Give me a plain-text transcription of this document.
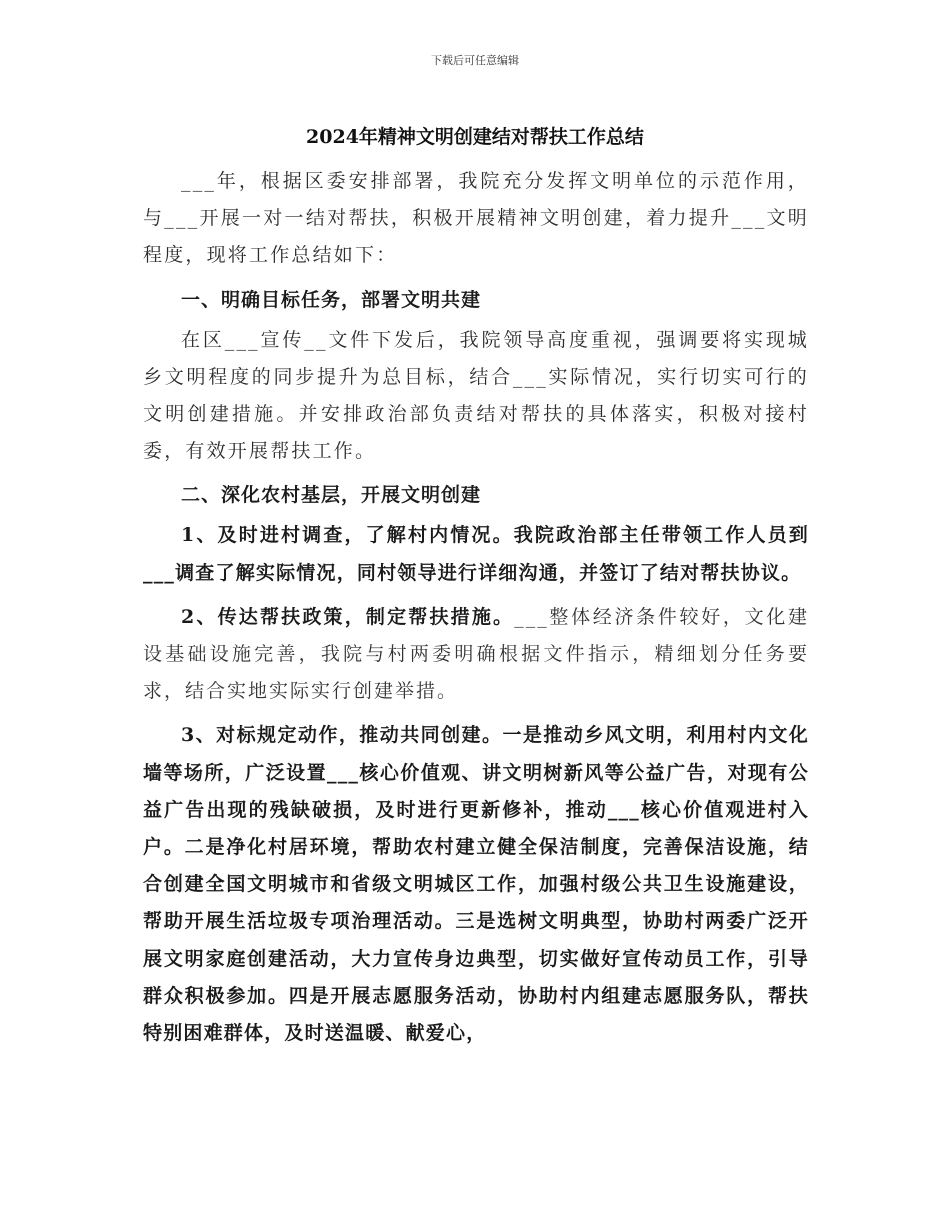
下载后可任意编辑
2024年精神文明创建结对帮扶工作总结

___年，根据区委安排部署，我院充分发挥文明单位的示范作用，与___开展一对一结对帮扶，积极开展精神文明创建，着力提升___文明程度，现将工作总结如下：

一、明确目标任务，部署文明共建

在区___宣传__文件下发后，我院领导高度重视，强调要将实现城乡文明程度的同步提升为总目标，结合___实际情况，实行切实可行的文明创建措施。并安排政治部负责结对帮扶的具体落实，积极对接村委，有效开展帮扶工作。

二、深化农村基层，开展文明创建

1、及时进村调查，了解村内情况。我院政治部主任带领工作人员到___调查了解实际情况，同村领导进行详细沟通，并签订了结对帮扶协议。

2、传达帮扶政策，制定帮扶措施。___整体经济条件较好，文化建设基础设施完善，我院与村两委明确根据文件指示，精细划分任务要求，结合实地实际实行创建举措。

3、对标规定动作，推动共同创建。一是推动乡风文明，利用村内文化墙等场所，广泛设置___核心价值观、讲文明树新风等公益广告，对现有公益广告出现的残缺破损，及时进行更新修补，推动___核心价值观进村入户。二是净化村居环境，帮助农村建立健全保洁制度，完善保洁设施，结合创建全国文明城市和省级文明城区工作，加强村级公共卫生设施建设，帮助开展生活垃圾专项治理活动。三是选树文明典型，协助村两委广泛开展文明家庭创建活动，大力宣传身边典型，切实做好宣传动员工作，引导群众积极参加。四是开展志愿服务活动，协助村内组建志愿服务队，帮扶特别困难群体，及时送温暖、献爱心，
